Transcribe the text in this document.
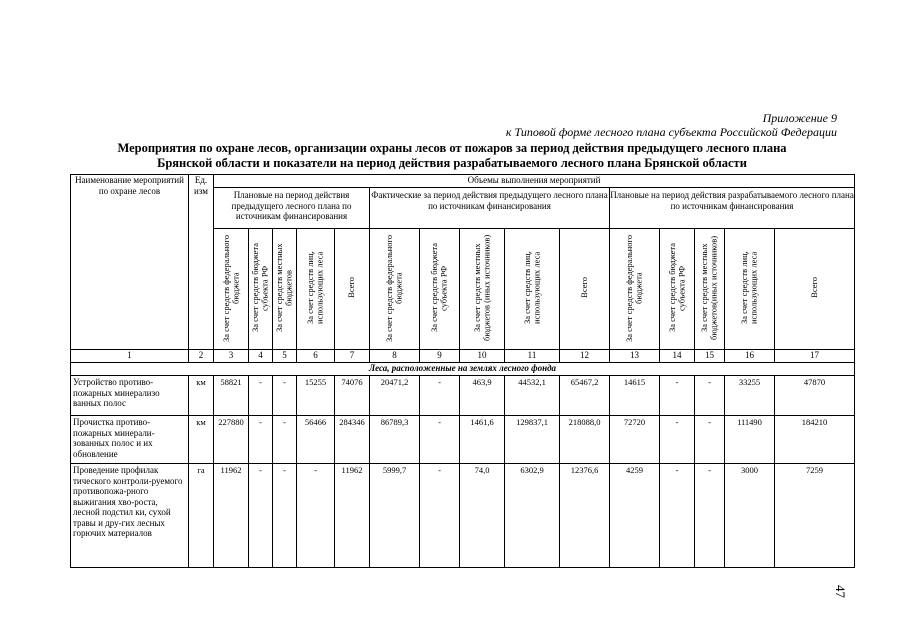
Приложение 9
к Типовой форме лесного плана субъекта Российской Федерации
Мероприятия по охране лесов, организации охраны лесов от пожаров за период действия предыдущего лесного плана
Брянской области и показатели на период действия разрабатываемого лесного плана Брянской области
Наименование мероприятий по охране лесов	Ед. изм	Объемы выполнения мероприятий														
		Плановые на период действия предыдущего лесного плана по источникам финансирования					Фактические за период действия предыдущего лесного плана по источникам финансирования					Плановые на период действия разрабатываемого лесного плана по источникам финансирования				
		За счет средств федерального бюджета	За счет средств бюджета субъекта РФ	За счет средств местных бюджетов	За счет средств лиц, использующих леса	Всего	За счет средств федерального бюджета	За счет средств бюджета субъекта РФ	За счет средств местных бюджетов (иных источников)	За счет средств лиц, использующих леса	Всего	За счет средств федерального бюджета	За счет средств бюджета субъекта РФ	За счет средств местных бюджетов(иных источников)	За счет средств лиц, использующих леса	Всего
1	2	3	4	5	6	7	8	9	10	11	12	13	14	15	16	17
Леса, расположенные на землях лесного фонда																
Устройство противо-пожарных минерализо ванных полос	км	58821	-	-	15255	74076	20471,2	-	463,9	44532,1	65467,2	14615	-	-	33255	47870
Прочистка противо-пожарных минерали-зованных полос и их обновление	км	227880	-	-	56466	284346	86789,3	-	1461,6	129837,1	218088,0	72720	-	-	111490	184210
Проведение профилак тического контроли-руемого противопожа-рного выжигания хво-роста, лесной подстил ки, сухой травы и дру-гих лесных горючих материалов	га	11962	-	-	-	11962	5999,7	-	74,0	6302,9	12376,6	4259	-	-	3000	7259
47
